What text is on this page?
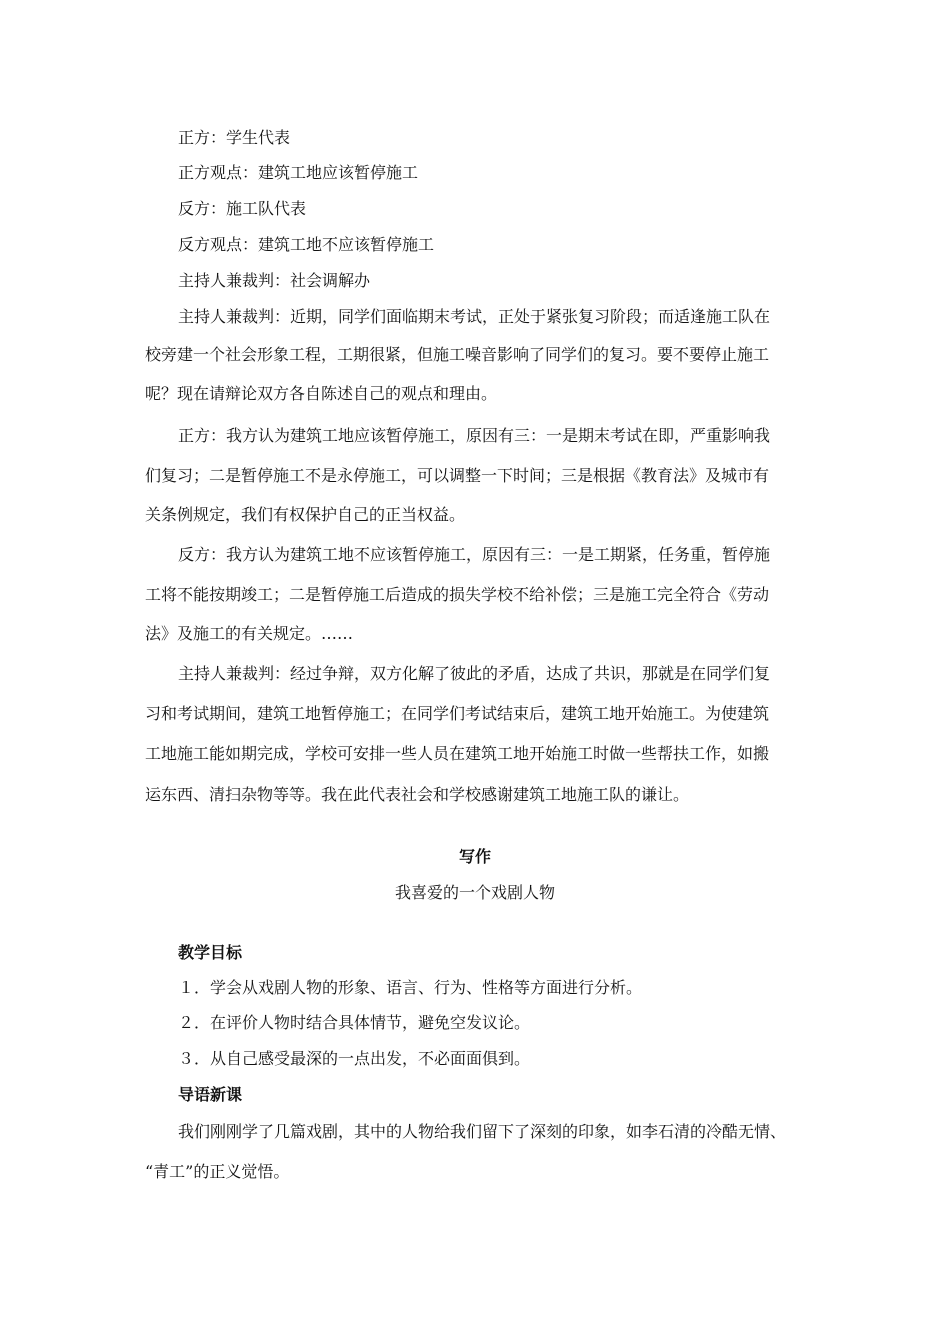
正方：学生代表
正方观点：建筑工地应该暂停施工
反方：施工队代表
反方观点：建筑工地不应该暂停施工
主持人兼裁判：社会调解办
主持人兼裁判：近期，同学们面临期末考试，正处于紧张复习阶段；而适逢施工队在
校旁建一个社会形象工程，工期很紧，但施工噪音影响了同学们的复习。要不要停止施工
呢？现在请辩论双方各自陈述自己的观点和理由。
正方：我方认为建筑工地应该暂停施工，原因有三：一是期末考试在即，严重影响我
们复习；二是暂停施工不是永停施工，可以调整一下时间；三是根据《教育法》及城市有
关条例规定，我们有权保护自己的正当权益。
反方：我方认为建筑工地不应该暂停施工，原因有三：一是工期紧，任务重，暂停施
工将不能按期竣工；二是暂停施工后造成的损失学校不给补偿；三是施工完全符合《劳动
法》及施工的有关规定。……
主持人兼裁判：经过争辩，双方化解了彼此的矛盾，达成了共识，那就是在同学们复
习和考试期间，建筑工地暂停施工；在同学们考试结束后，建筑工地开始施工。为使建筑
工地施工能如期完成，学校可安排一些人员在建筑工地开始施工时做一些帮扶工作，如搬
运东西、清扫杂物等等。我在此代表社会和学校感谢建筑工地施工队的谦让。
写作
我喜爱的一个戏剧人物
教学目标
１．学会从戏剧人物的形象、语言、行为、性格等方面进行分析。
２．在评价人物时结合具体情节，避免空发议论。
３．从自己感受最深的一点出发，不必面面俱到。
导语新课
我们刚刚学了几篇戏剧，其中的人物给我们留下了深刻的印象，如李石清的冷酷无情、
“青工”的正义觉悟。
